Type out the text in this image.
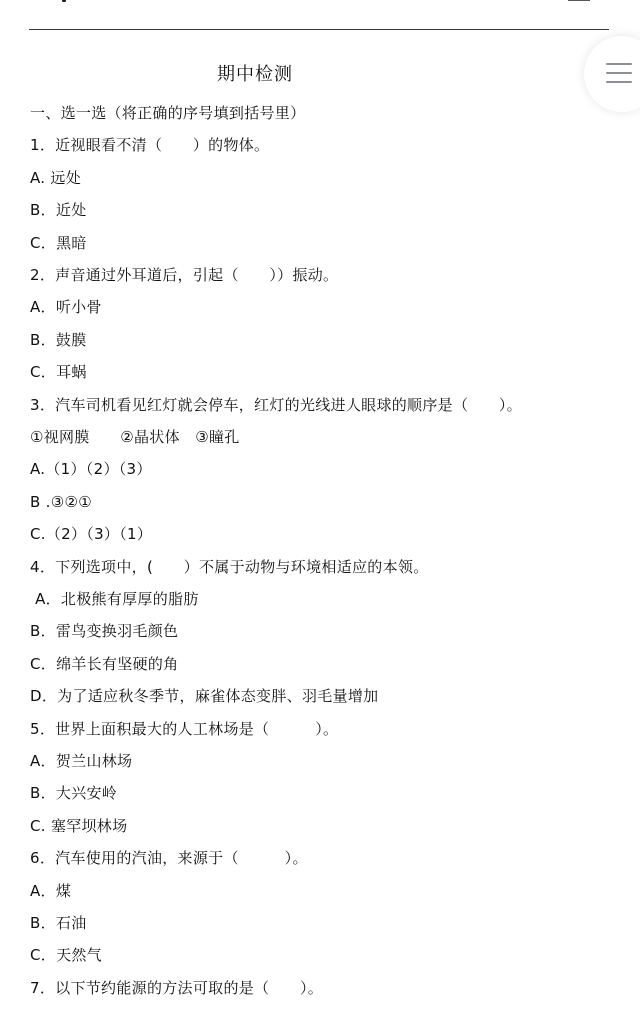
期中检测
一、选一选（将正确的序号填到括号里）
1．近视眼看不清（　　）的物体。
A. 远处
B．近处
C．黑暗
2．声音通过外耳道后，引起（　　））振动。
A．听小骨
B．鼓膜
C．耳蜗
3．汽车司机看见红灯就会停车，红灯的光线进人眼球的顺序是（　　）。
①视网膜　　②晶状体　③瞳孔
A.（1）（2）（3）
B .③②①
C.（2）（3）（1）
4．下列选项中，(　　）不属于动物与环境相适应的本领。
A．北极熊有厚厚的脂肪
B．雷鸟变换羽毛颜色
C．绵羊长有坚硬的角
D．为了适应秋冬季节，麻雀体态变胖、羽毛量增加
5．世界上面积最大的人工林场是（　　　）。
A．贺兰山林场
B．大兴安岭
C. 塞罕坝林场
6．汽车使用的汽油，来源于（　　　）。
A．煤
B．石油
C．天然气
7．以下节约能源的方法可取的是（　　）。
